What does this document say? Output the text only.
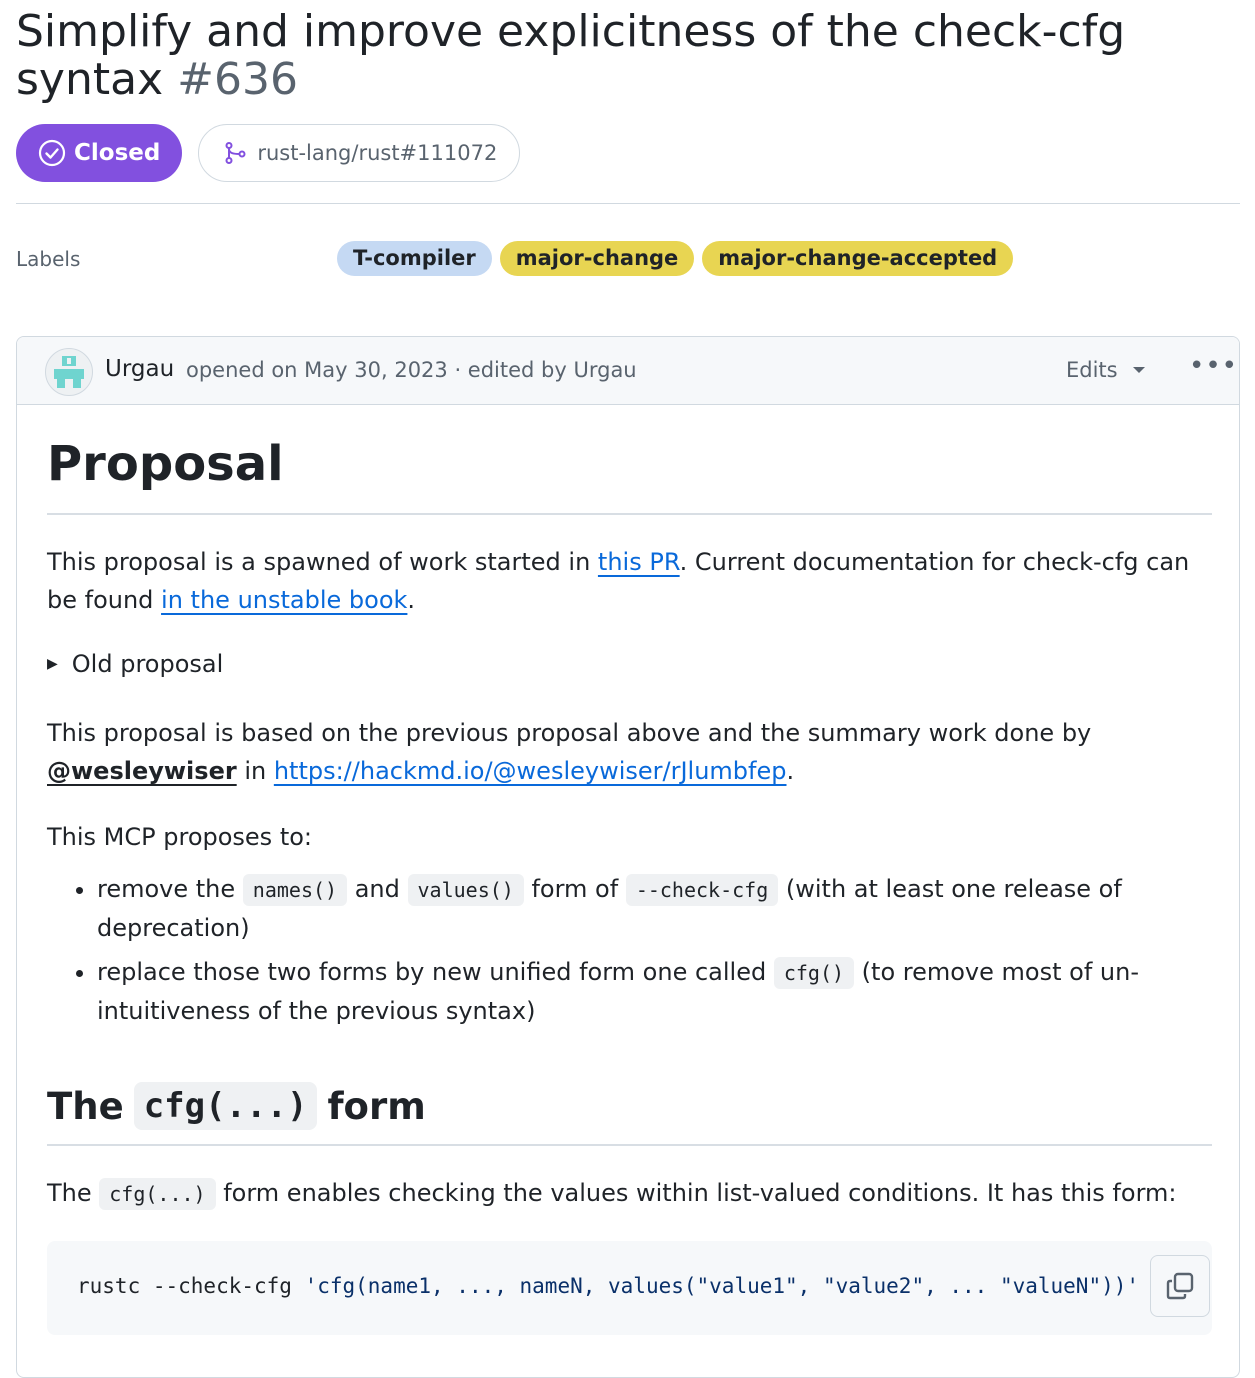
Simplify and improve explicitness of the check-cfg syntax #636
Closed	rust-lang/rust#111072
Labels	T-compiler	major-change	major-change-accepted
Urgau opened on May 30, 2023 · edited by Urgau	Edits	•••
Proposal

This proposal is a spawned of work started in this PR. Current documentation for check-cfg can be found in the unstable book.

▶ Old proposal

This proposal is based on the previous proposal above and the summary work done by @wesleywiser in https://hackmd.io/@wesleywiser/rJlumbfep.

This MCP proposes to:

• remove the names() and values() form of --check-cfg (with at least one release of deprecation)
• replace those two forms by new unified form one called cfg() (to remove most of un-intuitiveness of the previous syntax)
The cfg(...) form

The cfg(...) form enables checking the values within list-valued conditions. It has this form:

rustc --check-cfg 'cfg(name1, ..., nameN, values("value1", "value2", ... "valueN"))'
